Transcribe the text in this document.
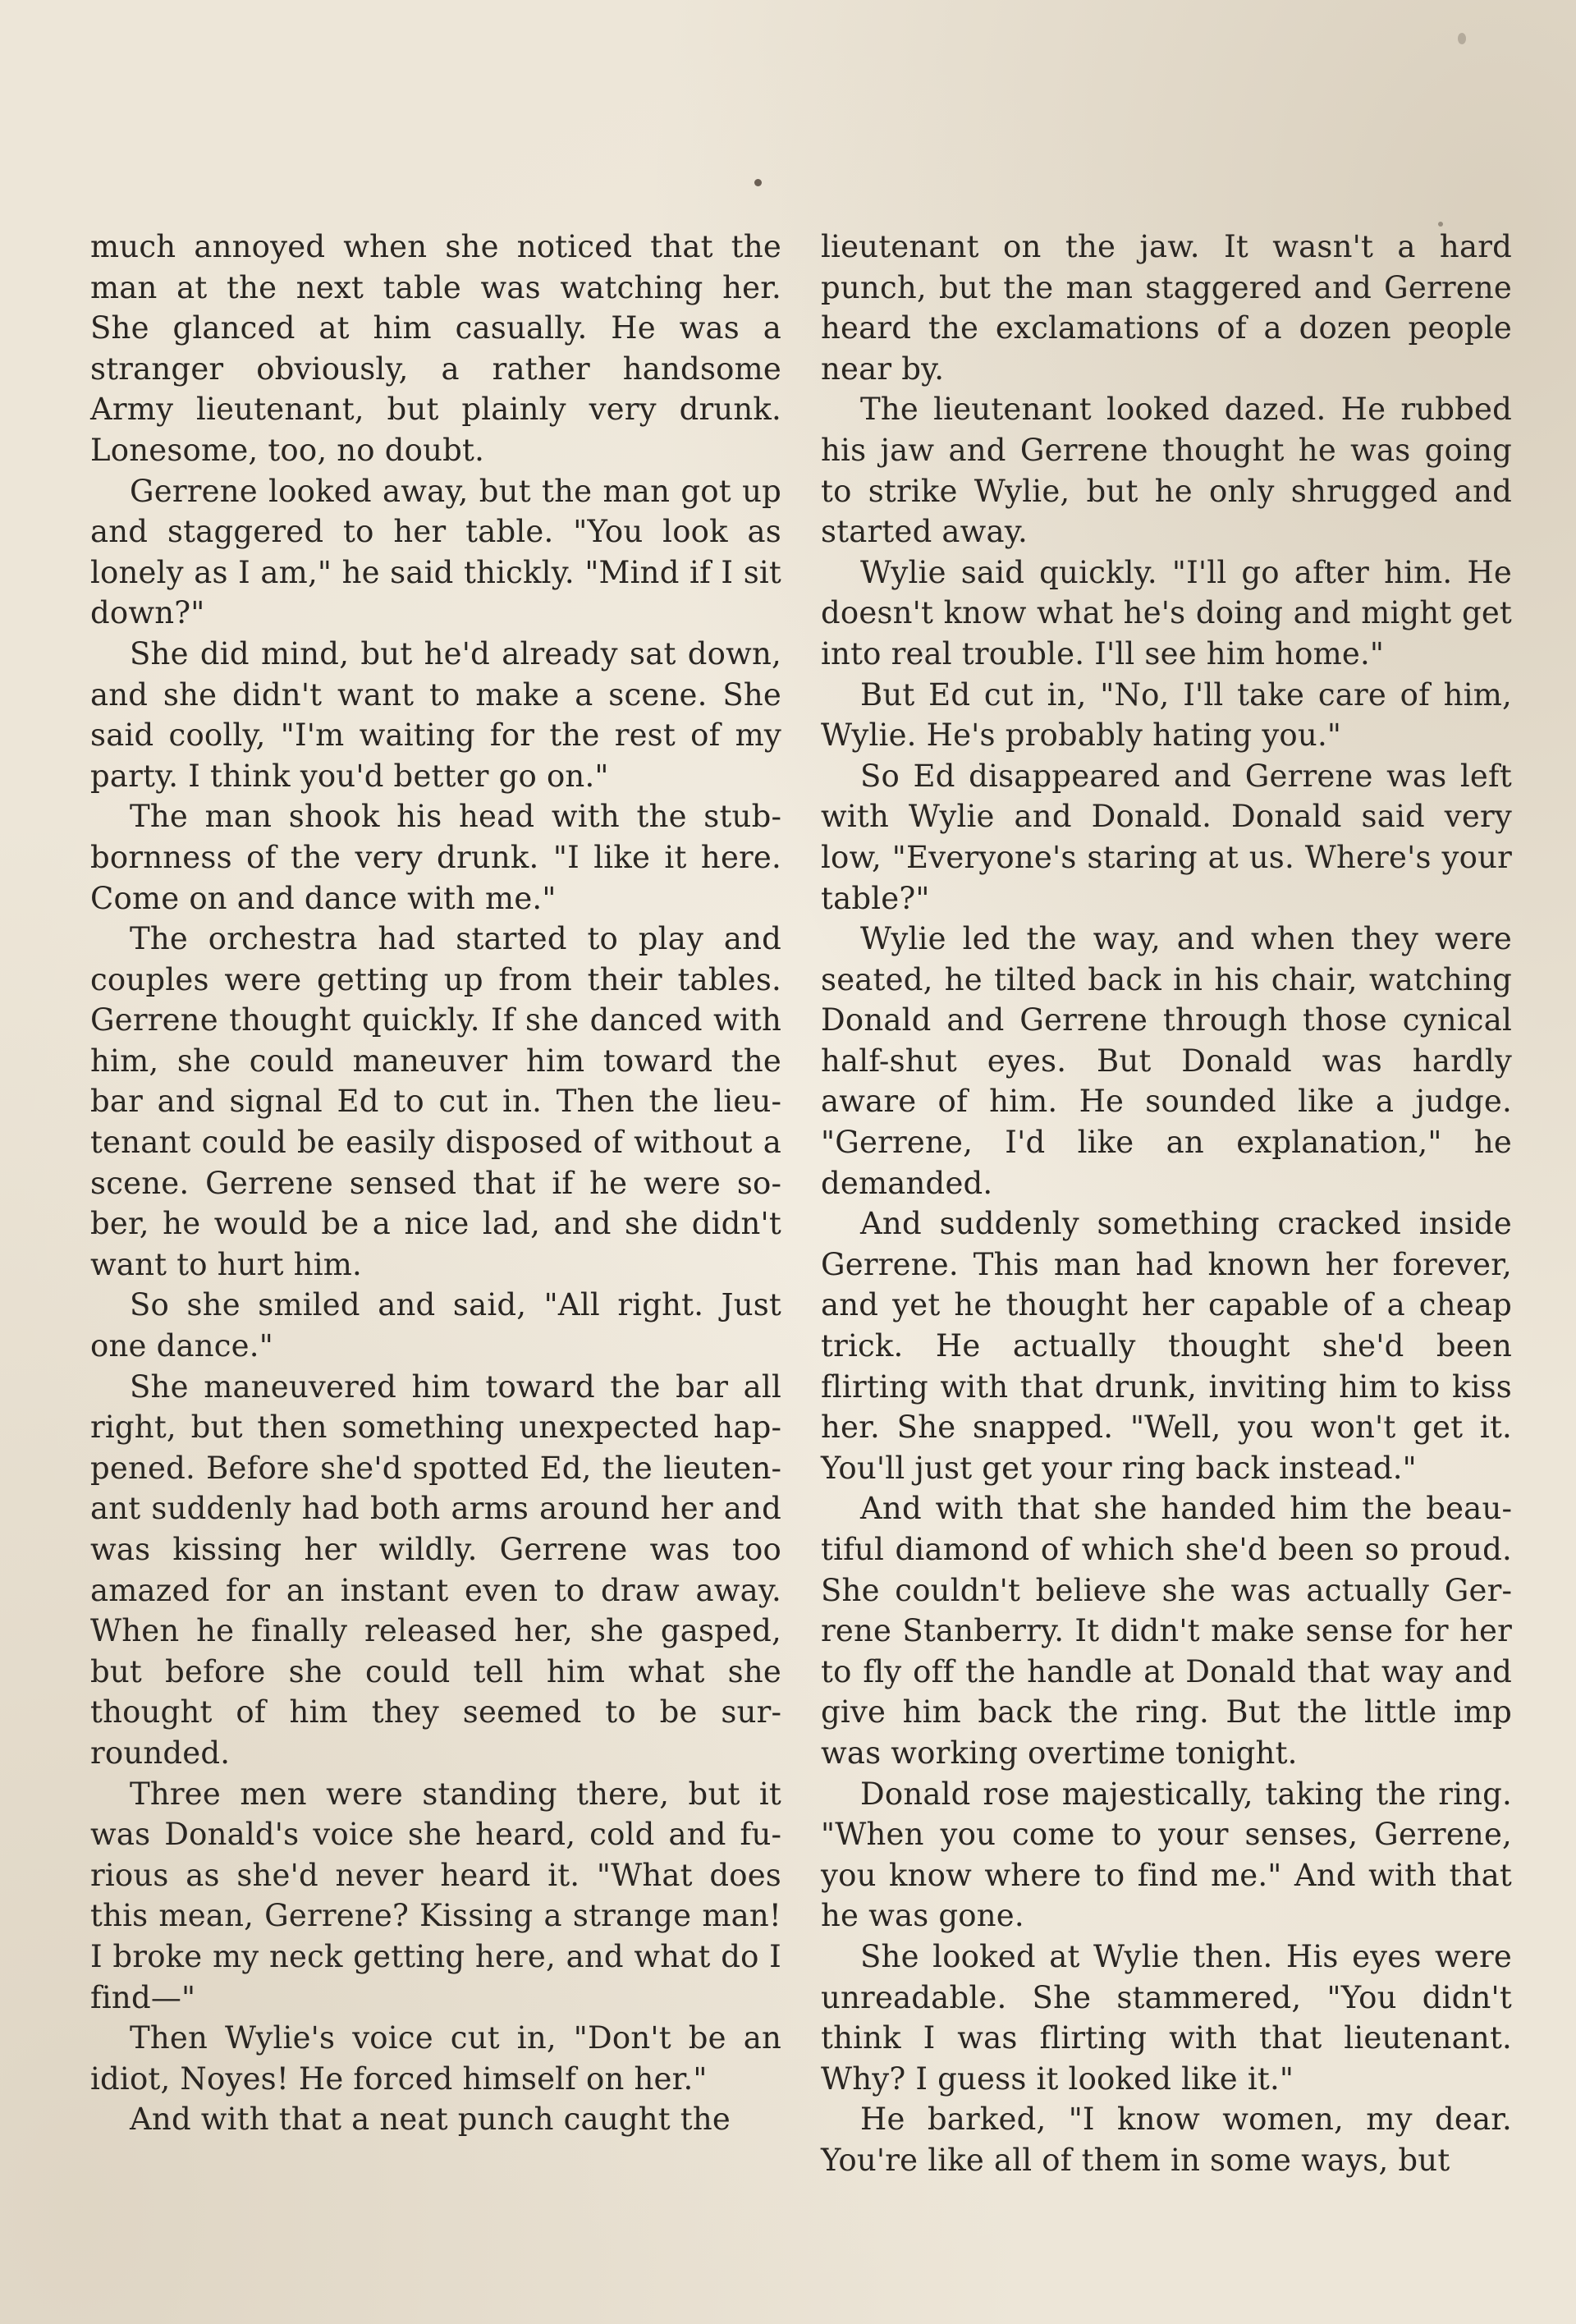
much annoyed when she noticed that the man at the next table was watching her. She glanced at him casually. He was a stranger obviously, a rather handsome Army lieutenant, but plainly very drunk. Lonesome, too, no doubt.

Gerrene looked away, but the man got up and staggered to her table. "You look as lonely as I am," he said thickly. "Mind if I sit down?"

She did mind, but he'd already sat down, and she didn't want to make a scene. She said coolly, "I'm waiting for the rest of my party. I think you'd better go on."

The man shook his head with the stubbornness of the very drunk. "I like it here. Come on and dance with me."

The orchestra had started to play and couples were getting up from their tables. Gerrene thought quickly. If she danced with him, she could maneuver him toward the bar and signal Ed to cut in. Then the lieutenant could be easily disposed of without a scene. Gerrene sensed that if he were sober, he would be a nice lad, and she didn't want to hurt him.

So she smiled and said, "All right. Just one dance."

She maneuvered him toward the bar all right, but then something unexpected happened. Before she'd spotted Ed, the lieutenant suddenly had both arms around her and was kissing her wildly. Gerrene was too amazed for an instant even to draw away. When he finally released her, she gasped, but before she could tell him what she thought of him they seemed to be surrounded.

Three men were standing there, but it was Donald's voice she heard, cold and furious as she'd never heard it. "What does this mean, Gerrene? Kissing a strange man! I broke my neck getting here, and what do I find—"

Then Wylie's voice cut in, "Don't be an idiot, Noyes! He forced himself on her."

And with that a neat punch caught the

lieutenant on the jaw. It wasn't a hard punch, but the man staggered and Gerrene heard the exclamations of a dozen people near by.

The lieutenant looked dazed. He rubbed his jaw and Gerrene thought he was going to strike Wylie, but he only shrugged and started away.

Wylie said quickly. "I'll go after him. He doesn't know what he's doing and might get into real trouble. I'll see him home."

But Ed cut in, "No, I'll take care of him, Wylie. He's probably hating you."

So Ed disappeared and Gerrene was left with Wylie and Donald. Donald said very low, "Everyone's staring at us. Where's your table?"

Wylie led the way, and when they were seated, he tilted back in his chair, watching Donald and Gerrene through those cynical half-shut eyes. But Donald was hardly aware of him. He sounded like a judge. "Gerrene, I'd like an explanation," he demanded.

And suddenly something cracked inside Gerrene. This man had known her forever, and yet he thought her capable of a cheap trick. He actually thought she'd been flirting with that drunk, inviting him to kiss her. She snapped. "Well, you won't get it. You'll just get your ring back instead."

And with that she handed him the beautiful diamond of which she'd been so proud. She couldn't believe she was actually Gerrene Stanberry. It didn't make sense for her to fly off the handle at Donald that way and give him back the ring. But the little imp was working overtime tonight.

Donald rose majestically, taking the ring. "When you come to your senses, Gerrene, you know where to find me." And with that he was gone.

She looked at Wylie then. His eyes were unreadable. She stammered, "You didn't think I was flirting with that lieutenant. Why? I guess it looked like it."

He barked, "I know women, my dear. You're like all of them in some ways, but
